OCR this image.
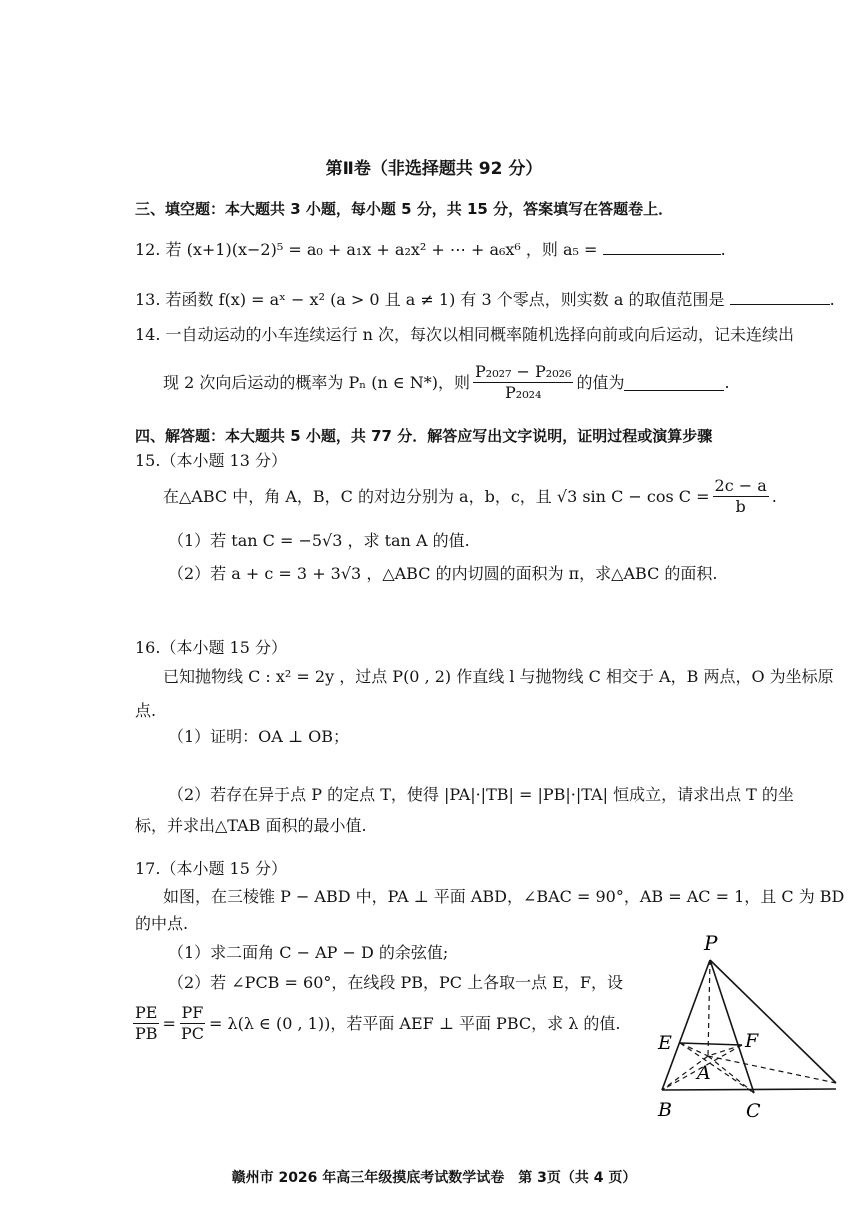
第Ⅱ卷（非选择题共 92 分）
三、填空题：本大题共 3 小题，每小题 5 分，共 15 分，答案填写在答题卷上．
12. 若 (x+1)(x−2)⁵ = a₀ + a₁x + a₂x² + ⋯ + a₆x⁶ ，则 a₅ =	.
13. 若函数 f(x) = aˣ − x² (a > 0 且 a ≠ 1) 有 3 个零点，则实数 a 的取值范围是	.
14. 一自动运动的小车连续运行 n 次，每次以相同概率随机选择向前或向后运动，记未连续出
现 2 次向后运动的概率为 Pₙ (n ∈ N*)，则 $\frac{\text{P₂₀₂₇ − P₂₀₂₆}}{\text{P₂₀₂₄}}$ 的值为	.
四、解答题：本大题共 5 小题，共 77 分．解答应写出文字说明，证明过程或演算步骤
15.（本小题 13 分）
在△ABC 中，角 A，B，C 的对边分别为 a，b，c，且 √3 $\sin C - \cos C = \frac{2c - a}{b}$ .
（1）若 tan C = −5√3 ，求 tan A 的值.
（2）若 a + c = 3 + 3√3 ，△ABC 的内切圆的面积为 π，求△ABC 的面积.
16.（本小题 15 分）
已知抛物线 C : x² = 2y ，过点 P(0 , 2) 作直线 l 与抛物线 C 相交于 A，B 两点，O 为坐标原
点.
（1）证明：OA ⊥ OB；
（2）若存在异于点 P 的定点 T，使得 |PA|·|TB| = |PB|·|TA| 恒成立，请求出点 T 的坐
标，并求出△TAB 面积的最小值.
17.（本小题 15 分）
如图，在三棱锥 P − ABD 中，PA ⊥ 平面 ABD，∠BAC = 90°，AB = AC = 1，且 C 为 BD
的中点.
（1）求二面角 C − AP − D 的余弦值;
（2）若 ∠PCB = 60°，在线段 PB，PC 上各取一点 E，F，设
$\frac{PE}{PB} = \frac{PF}{PC} = \lambda(\lambda$ ∈ (0 , 1))，若平面 AEF ⊥ 平面 PBC，求 λ 的值.
P
E	F
A
B	C
赣州市 2026 年高三年级摸底考试数学试卷　第 3页（共 4 页）
